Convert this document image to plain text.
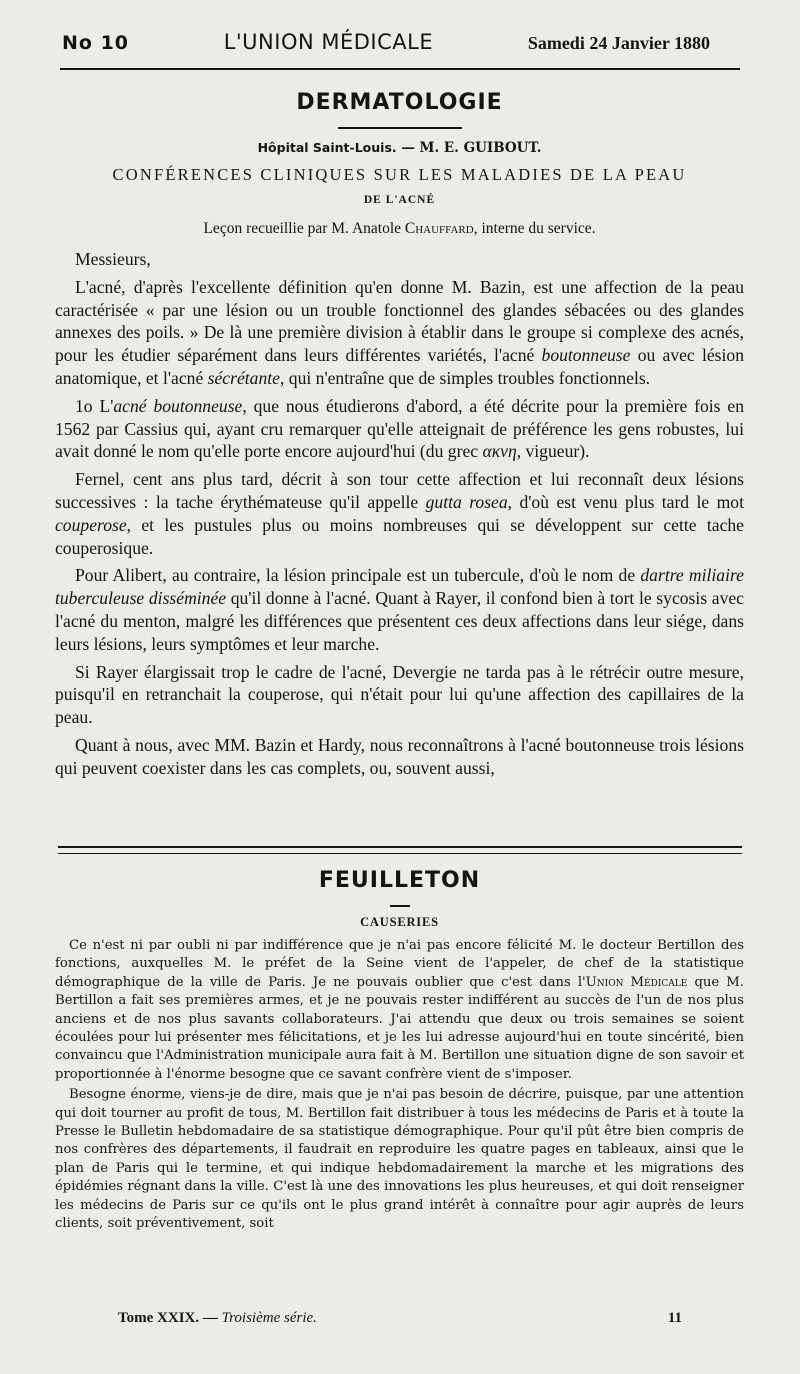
No 10	L'UNION MÉDICALE	Samedi 24 Janvier 1880
DERMATOLOGIE
Hôpital Saint-Louis. — M. E. GUIBOUT.
CONFÉRENCES CLINIQUES SUR LES MALADIES DE LA PEAU
DE L'ACNÉ
Leçon recueillie par M. Anatole Chauffard, interne du service.

Messieurs,

L'acné, d'après l'excellente définition qu'en donne M. Bazin, est une affection de la peau caractérisée « par une lésion ou un trouble fonctionnel des glandes sébacées ou des glandes annexes des poils. » De là une première division à établir dans le groupe si complexe des acnés, pour les étudier séparément dans leurs différentes variétés, l'acné boutonneuse ou avec lésion anatomique, et l'acné sécrétante, qui n'entraîne que de simples troubles fonctionnels.

1o L'acné boutonneuse, que nous étudierons d'abord, a été décrite pour la première fois en 1562 par Cassius qui, ayant cru remarquer qu'elle atteignait de préférence les gens robustes, lui avait donné le nom qu'elle porte encore aujourd'hui (du grec ακνη, vigueur).

Fernel, cent ans plus tard, décrit à son tour cette affection et lui reconnaît deux lésions successives : la tache érythémateuse qu'il appelle gutta rosea, d'où est venu plus tard le mot couperose, et les pustules plus ou moins nombreuses qui se développent sur cette tache couperosique.

Pour Alibert, au contraire, la lésion principale est un tubercule, d'où le nom de dartre miliaire tuberculeuse disséminée qu'il donne à l'acné. Quant à Rayer, il confond bien à tort le sycosis avec l'acné du menton, malgré les différences que présentent ces deux affections dans leur siége, dans leurs lésions, leurs symptômes et leur marche.

Si Rayer élargissait trop le cadre de l'acné, Devergie ne tarda pas à le rétrécir outre mesure, puisqu'il en retranchait la couperose, qui n'était pour lui qu'une affection des capillaires de la peau.

Quant à nous, avec MM. Bazin et Hardy, nous reconnaîtrons à l'acné boutonneuse trois lésions qui peuvent coexister dans les cas complets, ou, souvent aussi,

FEUILLETON
CAUSERIES

Ce n'est ni par oubli ni par indifférence que je n'ai pas encore félicité M. le docteur Bertillon des fonctions, auxquelles M. le préfet de la Seine vient de l'appeler, de chef de la statistique démographique de la ville de Paris. Je ne pouvais oublier que c'est dans l'Union Médicale que M. Bertillon a fait ses premières armes, et je ne pouvais rester indifférent au succès de l'un de nos plus anciens et de nos plus savants collaborateurs. J'ai attendu que deux ou trois semaines se soient écoulées pour lui présenter mes félicitations, et je les lui adresse aujourd'hui en toute sincérité, bien convaincu que l'Administration municipale aura fait à M. Bertillon une situation digne de son savoir et proportionnée à l'énorme besogne que ce savant confrère vient de s'imposer.

Besogne énorme, viens-je de dire, mais que je n'ai pas besoin de décrire, puisque, par une attention qui doit tourner au profit de tous, M. Bertillon fait distribuer à tous les médecins de Paris et à toute la Presse le Bulletin hebdomadaire de sa statistique démographique. Pour qu'il pût être bien compris de nos confrères des départements, il faudrait en reproduire les quatre pages en tableaux, ainsi que le plan de Paris qui le termine, et qui indique hebdomadairement la marche et les migrations des épidémies régnant dans la ville. C'est là une des innovations les plus heureuses, et qui doit renseigner les médecins de Paris sur ce qu'ils ont le plus grand intérêt à connaître pour agir auprès de leurs clients, soit préventivement, soit

Tome XXIX. — Troisième série.	11
